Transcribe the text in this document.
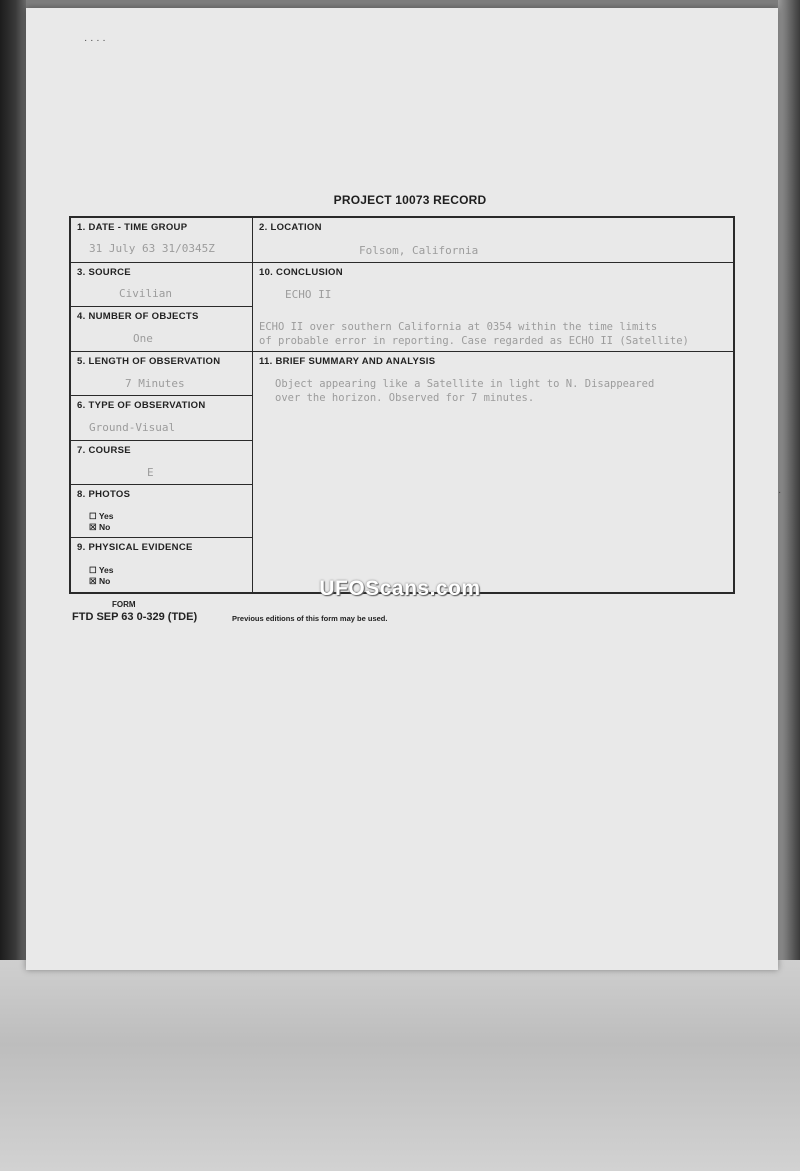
· · · ·
·
PROJECT 10073 RECORD
1. DATE - TIME GROUP
31 July 63 31/0345Z
3. SOURCE
Civilian
4. NUMBER OF OBJECTS
One
5. LENGTH OF OBSERVATION
7 Minutes
6. TYPE OF OBSERVATION
Ground-Visual
7. COURSE
E
8. PHOTOS
☐ Yes
☒ No
9. PHYSICAL EVIDENCE
☐ Yes
☒ No
2. LOCATION
Folsom, California
10. CONCLUSION
ECHO II
ECHO II over southern California at 0354 within the time limits
of probable error in reporting. Case regarded as ECHO II (Satellite)
11. BRIEF SUMMARY AND ANALYSIS
Object appearing like a Satellite in light to N. Disappeared
over the horizon. Observed for 7 minutes.
UFOScans.com
FORM
FTD SEP 63 0-329 (TDE)	Previous editions of this form may be used.
